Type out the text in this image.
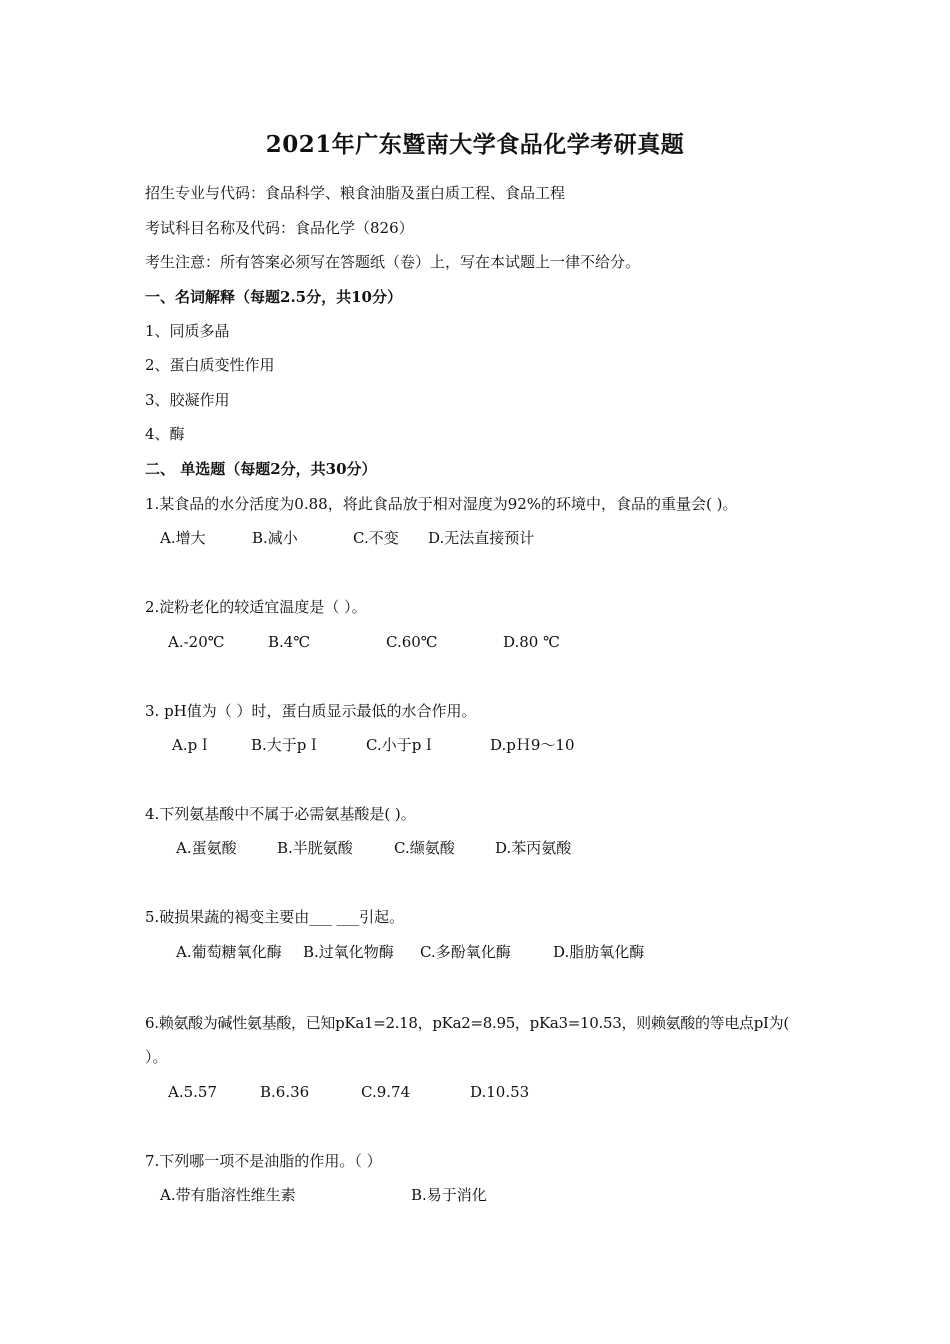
2021年广东暨南大学食品化学考研真题
招生专业与代码：食品科学、粮食油脂及蛋白质工程、食品工程
考试科目名称及代码：食品化学（826）
考生注意：所有答案必须写在答题纸（卷）上，写在本试题上一律不给分。
一、名词解释（每题2.5分，共10分）
1、同质多晶
2、蛋白质变性作用
3、胶凝作用
4、酶
二、 单选题（每题2分，共30分）
1.某食品的水分活度为0.88，将此食品放于相对湿度为92%的环境中，食品的重量会( )。
A.增大	B.减小	C.不变 D.无法直接预计
2.淀粉老化的较适宜温度是（ ）。
A.-20℃	B.4℃	C.60℃	D.80 ℃
3. pH值为（ ）时，蛋白质显示最低的水合作用。
A.pＩ	B.大于pＩ	C.小于pＩ	D.pＨ9～10
4.下列氨基酸中不属于必需氨基酸是( )。
A.蛋氨酸	B.半胱氨酸	C.缬氨酸	D.苯丙氨酸
5.破损果蔬的褐变主要由___ ___引起。
A.葡萄糖氧化酶 B.过氧化物酶 C.多酚氧化酶	D.脂肪氧化酶
6.赖氨酸为碱性氨基酸，已知pKa1=2.18，pKa2=8.95，pKa3=10.53，则赖氨酸的等电点pI为(
）。
A.5.57	B.6.36	C.9.74	D.10.53
7.下列哪一项不是油脂的作用。（ ）
A.带有脂溶性维生素	B.易于消化
